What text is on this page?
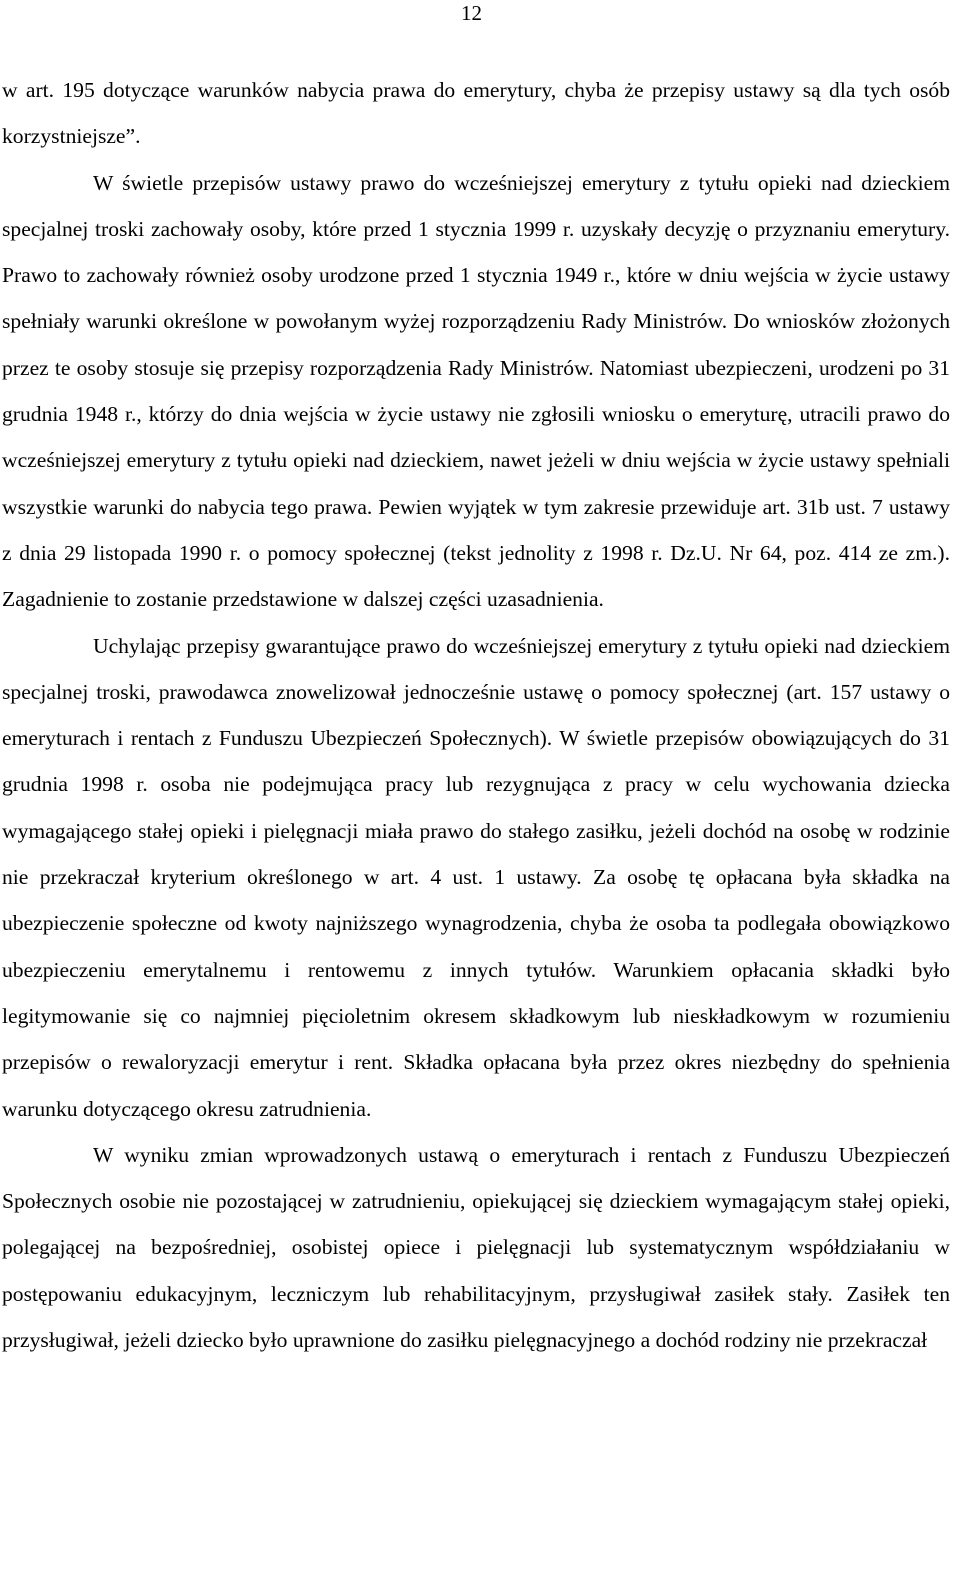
12

w art. 195 dotyczące warunków nabycia prawa do emerytury, chyba że przepisy ustawy są dla tych osób korzystniejsze”.

W świetle przepisów ustawy prawo do wcześniejszej emerytury z tytułu opieki nad dzieckiem specjalnej troski zachowały osoby, które przed 1 stycznia 1999 r. uzyskały decyzję o przyznaniu emerytury. Prawo to zachowały również osoby urodzone przed 1 stycznia 1949 r., które w dniu wejścia w życie ustawy spełniały warunki określone w powołanym wyżej rozporządzeniu Rady Ministrów. Do wniosków złożonych przez te osoby stosuje się przepisy rozporządzenia Rady Ministrów. Natomiast ubezpieczeni, urodzeni po 31 grudnia 1948 r., którzy do dnia wejścia w życie ustawy nie zgłosili wniosku o emeryturę, utracili prawo do wcześniejszej emerytury z tytułu opieki nad dzieckiem, nawet jeżeli w dniu wejścia w życie ustawy spełniali wszystkie warunki do nabycia tego prawa. Pewien wyjątek w tym zakresie przewiduje art. 31b ust. 7 ustawy z dnia 29 listopada 1990 r. o pomocy społecznej (tekst jednolity z 1998 r. Dz.U. Nr 64, poz. 414 ze zm.). Zagadnienie to zostanie przedstawione w dalszej części uzasadnienia.

Uchylając przepisy gwarantujące prawo do wcześniejszej emerytury z tytułu opieki nad dzieckiem specjalnej troski, prawodawca znowelizował jednocześnie ustawę o pomocy społecznej (art. 157 ustawy o emeryturach i rentach z Funduszu Ubezpieczeń Społecznych). W świetle przepisów obowiązujących do 31 grudnia 1998 r. osoba nie podejmująca pracy lub rezygnująca z pracy w celu wychowania dziecka wymagającego stałej opieki i pielęgnacji miała prawo do stałego zasiłku, jeżeli dochód na osobę w rodzinie nie przekraczał kryterium określonego w art. 4 ust. 1 ustawy. Za osobę tę opłacana była składka na ubezpieczenie społeczne od kwoty najniższego wynagrodzenia, chyba że osoba ta podlegała obowiązkowo ubezpieczeniu emerytalnemu i rentowemu z innych tytułów. Warunkiem opłacania składki było legitymowanie się co najmniej pięcioletnim okresem składkowym lub nieskładkowym w rozumieniu przepisów o rewaloryzacji emerytur i rent. Składka opłacana była przez okres niezbędny do spełnienia warunku dotyczącego okresu zatrudnienia.

W wyniku zmian wprowadzonych ustawą o emeryturach i rentach z Funduszu Ubezpieczeń Społecznych osobie nie pozostającej w zatrudnieniu, opiekującej się dzieckiem wymagającym stałej opieki, polegającej na bezpośredniej, osobistej opiece i pielęgnacji lub systematycznym współdziałaniu w postępowaniu edukacyjnym, leczniczym lub rehabilitacyjnym, przysługiwał zasiłek stały. Zasiłek ten przysługiwał, jeżeli dziecko było uprawnione do zasiłku pielęgnacyjnego a dochód rodziny nie przekraczał
